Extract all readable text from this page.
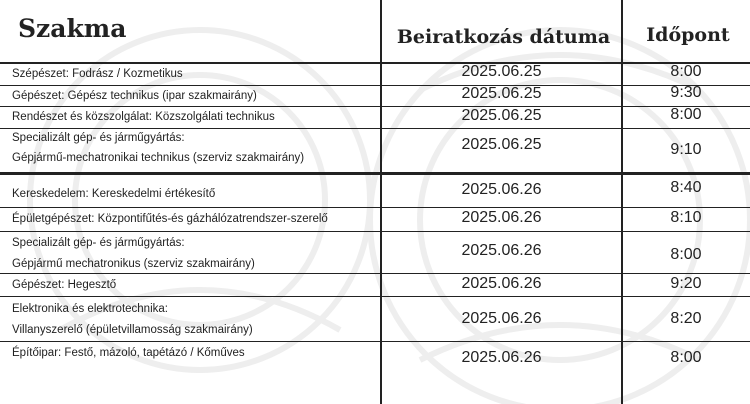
Szakma	Beiratkozás dátuma	Időpont
Szépészet: Fodrász / Kozmetikus	2025.06.25	8:00
Gépészet: Gépész technikus (ipar szakmairány)	2025.06.25	9:30
Rendészet és közszolgálat: Közszolgálati technikus	2025.06.25	8:00
Specializált gép- és járműgyártás:
Gépjármű-mechatronikai technikus (szerviz szakmairány)
2025.06.25	9:10
Kereskedelem: Kereskedelmi értékesítő	2025.06.26	8:40
Épületgépészet: Központifűtés-és gázhálózatrendszer-szerelő	2025.06.26	8:10
Specializált gép- és járműgyártás:
Gépjármű mechatronikus (szerviz szakmairány)
2025.06.26	8:00
Gépészet: Hegesztő	2025.06.26	9:20
Elektronika és elektrotechnika:
Villanyszerelő (épületvillamosság szakmairány)
2025.06.26	8:20
Építőipar: Festő, mázoló, tapétázó / Kőműves	2025.06.26	8:00
